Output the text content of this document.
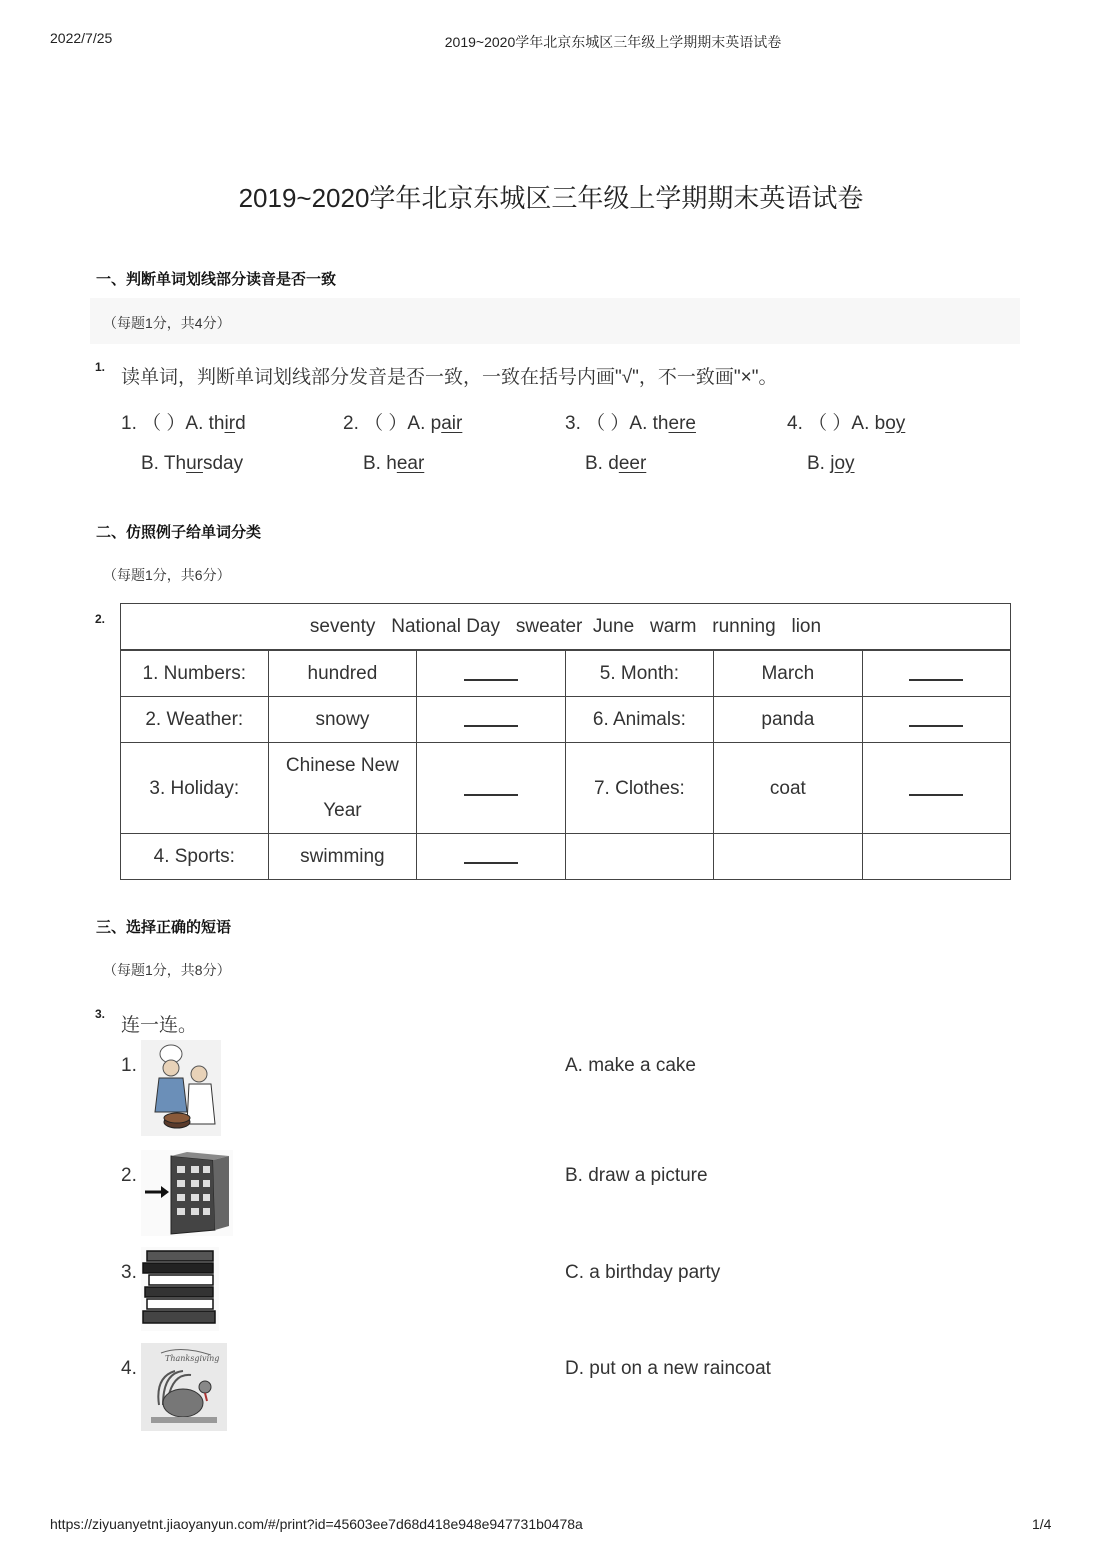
2022/7/25	2019~2020学年北京东城区三年级上学期期末英语试卷
2019~2020学年北京东城区三年级上学期期末英语试卷
一、判断单词划线部分读音是否一致
（每题1分，共4分）
1. 读单词，判断单词划线部分发音是否一致，一致在括号内画"√"，不一致画"×"。
1. （ ）A. third	2. （ ）A. pair	3. （ ）A. there	4. （ ）A. boy
B. Thursday	B. hear	B. deer	B. joy
二、仿照例子给单词分类
（每题1分，共6分）
2.	seventy   National Day   sweater  June   warm   running   lion					
1. Numbers:	hundred		5. Month:	March	
2. Weather:	snowy		6. Animals:	panda	
3. Holiday:	Chinese New Year		7. Clothes:	coat	
4. Sports:	swimming				
三、选择正确的短语
（每题1分，共8分）
3.
连一连。
1.	A. make a cake
2.	B. draw a picture
3.	C. a birthday party
4.	Thanksgiving	D. put on a new raincoat
https://ziyuanyetnt.jiaoyanyun.com/#/print?id=45603ee7d68d418e948e947731b0478a	1/4
